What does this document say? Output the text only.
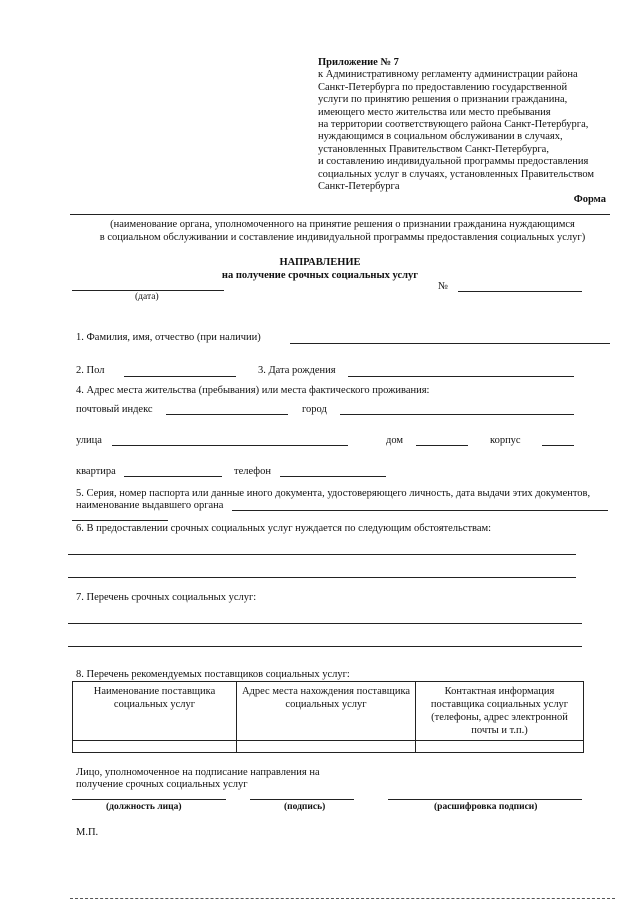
Приложение № 7
к Административному регламенту администрации района
Санкт-Петербурга по предоставлению государственной
услуги по принятию решения о признании гражданина,
имеющего место жительства или место пребывания
на территории соответствующего района Санкт-Петербурга,
нуждающимся в социальном обслуживании в случаях,
установленных Правительством Санкт-Петербурга,
и составлению индивидуальной программы предоставления
социальных услуг в случаях, установленных Правительством
Санкт-Петербурга
Форма
(наименование органа, уполномоченного на принятие решения о признании гражданина нуждающимся
в социальном обслуживании и составление индивидуальной программы предоставления социальных услуг)
НАПРАВЛЕНИЕ
на получение срочных социальных услуг
(дата)
№
1. Фамилия, имя, отчество (при наличии)
2. Пол	3. Дата рождения
4. Адрес места жительства (пребывания) или места фактического проживания:
почтовый индекс	город
улица	дом	корпус
квартира	телефон
5. Серия, номер паспорта или данные иного документа, удостоверяющего личность, дата выдачи этих документов,
наименование выдавшего органа
6. В предоставлении срочных социальных услуг нуждается по следующим обстоятельствам:
7. Перечень срочных социальных услуг:
8. Перечень рекомендуемых поставщиков социальных услуг:
Наименование поставщика социальных услуг	Адрес места нахождения поставщика социальных услуг	Контактная информация поставщика социальных услуг (телефоны, адрес электронной почты и т.п.)

Лицо, уполномоченное на подписание направления на
получение срочных социальных услуг
(должность лица)	(подпись)	(расшифровка подписи)
М.П.
